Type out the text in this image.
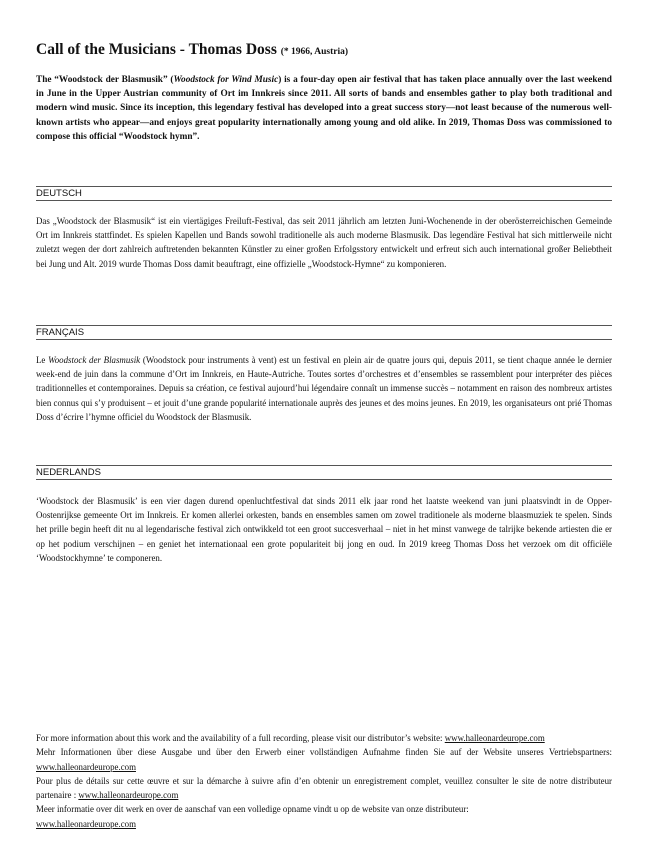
Call of the Musicians - Thomas Doss (* 1966, Austria)

The “Woodstock der Blasmusik” (Woodstock for Wind Music) is a four-day open air festival that has taken place annually over the last weekend in June in the Upper Austrian community of Ort im Innkreis since 2011. All sorts of bands and ensembles gather to play both traditional and modern wind music. Since its inception, this legendary festival has developed into a great success story—not least because of the numerous well-known artists who appear—and enjoys great popularity internationally among young and old alike. In 2019, Thomas Doss was commissioned to compose this official “Woodstock hymn”.

DEUTSCH

Das „Woodstock der Blasmusik“ ist ein viertägiges Freiluft-Festival, das seit 2011 jährlich am letzten Juni-Wochenende in der oberösterreichischen Gemeinde Ort im Innkreis stattfindet. Es spielen Kapellen und Bands sowohl traditionelle als auch moderne Blasmusik. Das legendäre Festival hat sich mittlerweile nicht zuletzt wegen der dort zahlreich auftretenden bekannten Künstler zu einer großen Erfolgsstory entwickelt und erfreut sich auch international großer Beliebtheit bei Jung und Alt. 2019 wurde Thomas Doss damit beauftragt, eine offizielle „Woodstock-Hymne“ zu komponieren.

FRANÇAIS

Le Woodstock der Blasmusik (Woodstock pour instruments à vent) est un festival en plein air de quatre jours qui, depuis 2011, se tient chaque année le dernier week-end de juin dans la commune d’Ort im Innkreis, en Haute-Autriche. Toutes sortes d’orchestres et d’ensembles se rassemblent pour interpréter des pièces traditionnelles et contemporaines. Depuis sa création, ce festival aujourd’hui légendaire connaît un immense succès – notamment en raison des nombreux artistes bien connus qui s’y produisent – et jouit d’une grande popularité internationale auprès des jeunes et des moins jeunes. En 2019, les organisateurs ont prié Thomas Doss d’écrire l’hymne officiel du Woodstock der Blasmusik.

NEDERLANDS

‘Woodstock der Blasmusik’ is een vier dagen durend openluchtfestival dat sinds 2011 elk jaar rond het laatste weekend van juni plaatsvindt in de Opper-Oostenrijkse gemeente Ort im Innkreis. Er komen allerlei orkesten, bands en ensembles samen om zowel traditionele als moderne blaasmuziek te spelen. Sinds het prille begin heeft dit nu al legendarische festival zich ontwikkeld tot een groot succesverhaal – niet in het minst vanwege de talrijke bekende artiesten die er op het podium verschijnen – en geniet het internationaal een grote populariteit bij jong en oud. In 2019 kreeg Thomas Doss het verzoek om dit officiële ‘Woodstockhymne’ te componeren.

For more information about this work and the availability of a full recording, please visit our distributor’s website: www.halleonardeurope.com

Mehr Informationen über diese Ausgabe und über den Erwerb einer vollständigen Aufnahme finden Sie auf der Website unseres Vertriebspartners: www.halleonardeurope.com

Pour plus de détails sur cette œuvre et sur la démarche à suivre afin d’en obtenir un enregistrement complet, veuillez consulter le site de notre distributeur partenaire : www.halleonardeurope.com

Meer informatie over dit werk en over de aanschaf van een volledige opname vindt u op de website van onze distributeur:
www.halleonardeurope.com
